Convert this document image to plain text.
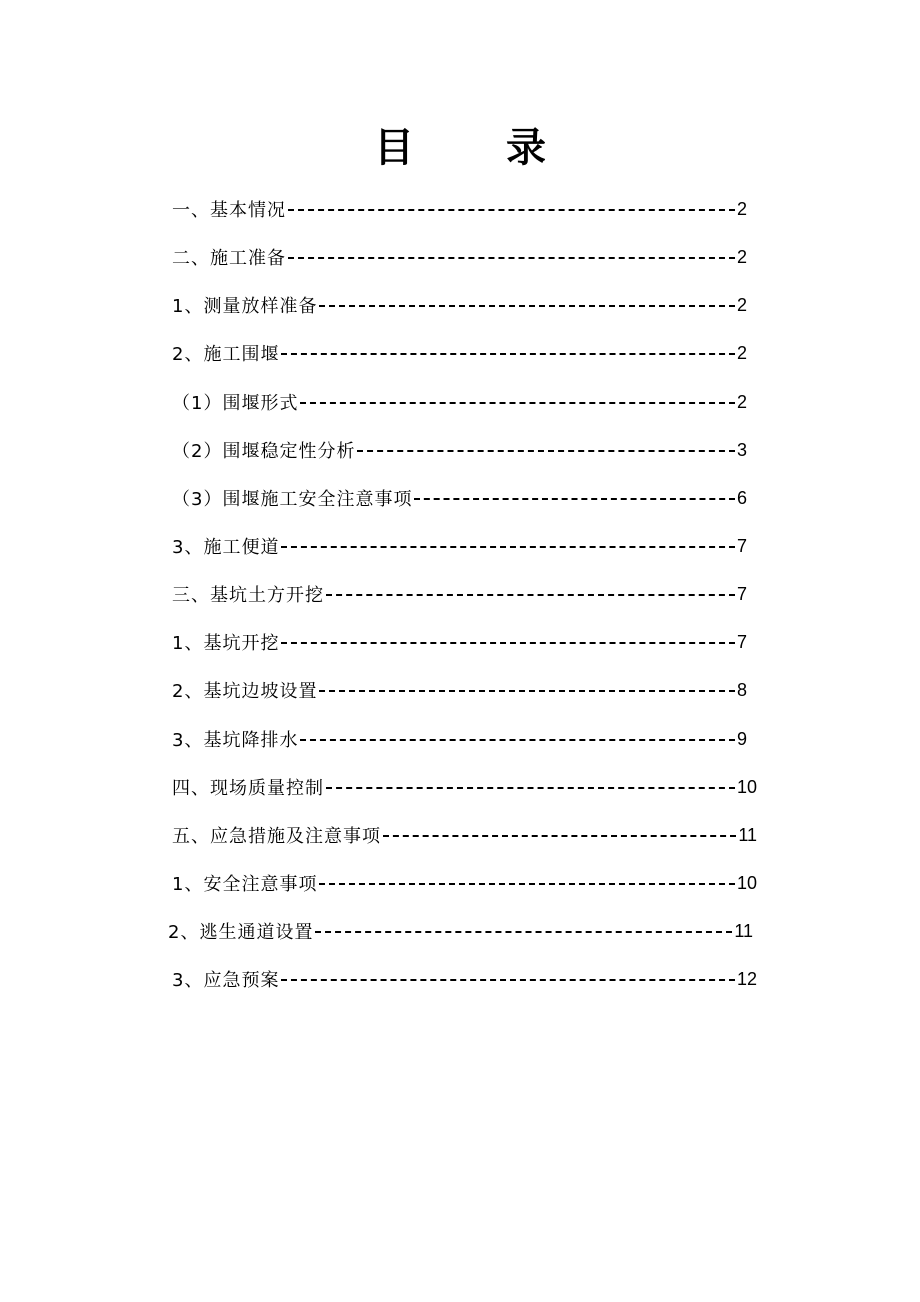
目 录
一、基本情况	2
二、施工准备	2
1、测量放样准备	2
2、施工围堰	2
（1）围堰形式	2
（2）围堰稳定性分析	3
（3）围堰施工安全注意事项	6
3、施工便道	7
三、基坑土方开挖	7
1、基坑开挖	7
2、基坑边坡设置	8
3、基坑降排水	9
四、现场质量控制	10
五、应急措施及注意事项	11
1、安全注意事项	10
2、逃生通道设置	11
3、应急预案	12
